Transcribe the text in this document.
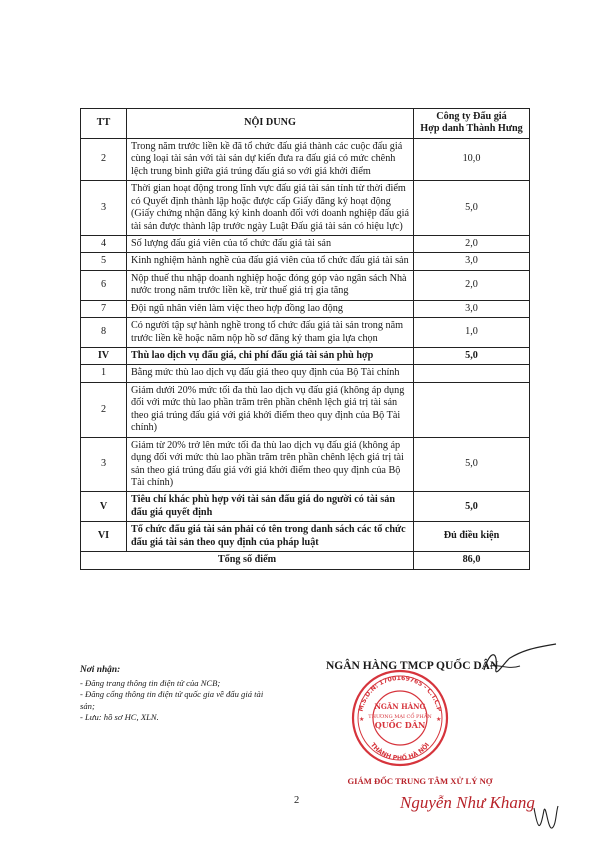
TT	NỘI DUNG	Công ty Đấu giá
Hợp danh Thành Hưng
2	Trong năm trước liền kề đã tổ chức đấu giá thành các cuộc đấu giá cùng loại tài sản với tài sản dự kiến đưa ra đấu giá có mức chênh lệch trung bình giữa giá trúng đấu giá so với giá khởi điểm	10,0
3	Thời gian hoạt động trong lĩnh vực đấu giá tài sản tính từ thời điểm có Quyết định thành lập hoặc được cấp Giấy đăng ký hoạt động (Giấy chứng nhận đăng ký kinh doanh đối với doanh nghiệp đấu giá tài sản được thành lập trước ngày Luật Đấu giá tài sản có hiệu lực)	5,0
4	Số lượng đấu giá viên của tổ chức đấu giá tài sản	2,0
5	Kinh nghiệm hành nghề của đấu giá viên của tổ chức đấu giá tài sản	3,0
6	Nộp thuế thu nhập doanh nghiệp hoặc đóng góp vào ngân sách Nhà nước trong năm trước liền kề, trừ thuế giá trị gia tăng	2,0
7	Đội ngũ nhân viên làm việc theo hợp đồng lao động	3,0
8	Có người tập sự hành nghề trong tổ chức đấu giá tài sản trong năm trước liền kề hoặc năm nộp hồ sơ đăng ký tham gia lựa chọn	1,0
IV	Thù lao dịch vụ đấu giá, chi phí đấu giá tài sản phù hợp	5,0
1	Bằng mức thù lao dịch vụ đấu giá theo quy định của Bộ Tài chính	
2	Giảm dưới 20% mức tối đa thù lao dịch vụ đấu giá (không áp dụng đối với mức thù lao phần trăm trên phần chênh lệch giá trị tài sản theo giá trúng đấu giá với giá khởi điểm theo quy định của Bộ Tài chính)	
3	Giảm từ 20% trở lên mức tối đa thù lao dịch vụ đấu giá (không áp dụng đối với mức thù lao phần trăm trên phần chênh lệch giá trị tài sản theo giá trúng đấu giá với giá khởi điểm theo quy định của Bộ Tài chính)	5,0
V	Tiêu chí khác phù hợp với tài sản đấu giá do người có tài sản đấu giá quyết định	5,0
VI	Tổ chức đấu giá tài sản phải có tên trong danh sách các tổ chức đấu giá tài sản theo quy định của pháp luật	Đủ điều kiện
Tổng số điểm		86,0
Nơi nhận:
- Đăng trang thông tin điện tử của NCB;
- Đăng cổng thông tin điện tử quốc gia về đấu giá tài sản;
- Lưu: hồ sơ HC, XLN.
NGÂN HÀNG TMCP QUỐC DÂN
NGÂN HÀNG
THƯƠNG MẠI CỔ PHẦN
QUỐC DÂN
M.S.D.N: 1700169765 - C.T.C.P
THÀNH PHỐ HÀ NỘI
★	★
GIÁM ĐỐC TRUNG TÂM XỬ LÝ NỢ
Nguyễn Như Khang
2
